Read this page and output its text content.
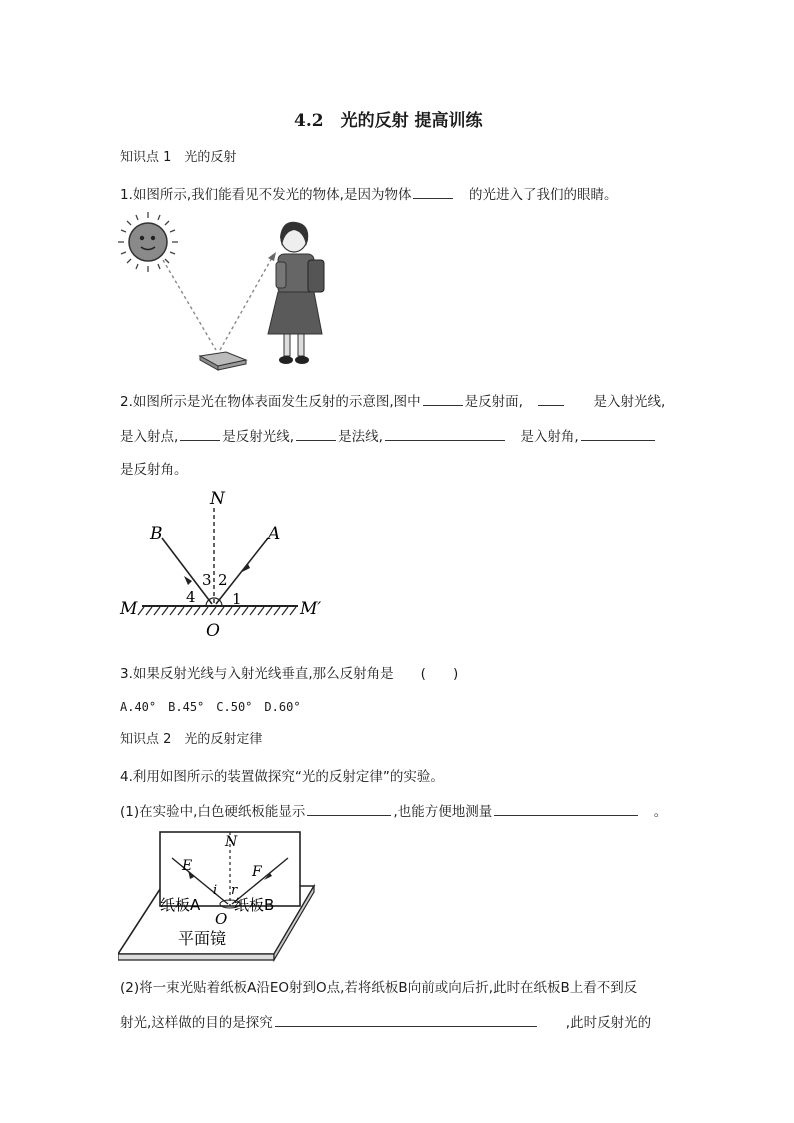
4.2　光的反射 提高训练
知识点 1　光的反射
1.如图所示,我们能看见不发光的物体,是因为物体　	的光进入了我们的眼睛。
2.如图所示是光在物体表面发生反射的示意图,图中	是反射面,　　　	是入射光线,
是入射点,	是反射光线,	是法线,　	是入射角,
是反射角。
N
B	A
3 2
4 1
M	M′
O
3.如果反射光线与入射光线垂直,那么反射角是　　 (　　)
A.40°　 B.45°　 C.50°　 D.60°
知识点 2　光的反射定律
4.利用如图所示的装置做探究“光的反射定律”的实验。
(1)在实验中,白色硬纸板能显示	,也能方便地测量　	。
N
E	F
i r
纸板A 纸板B
O
平面镜
(2)将一束光贴着纸板A沿EO射到O点,若将纸板B向前或向后折,此时在纸板B上看不到反
射光,这样做的目的是探究　　	,此时反射光的
